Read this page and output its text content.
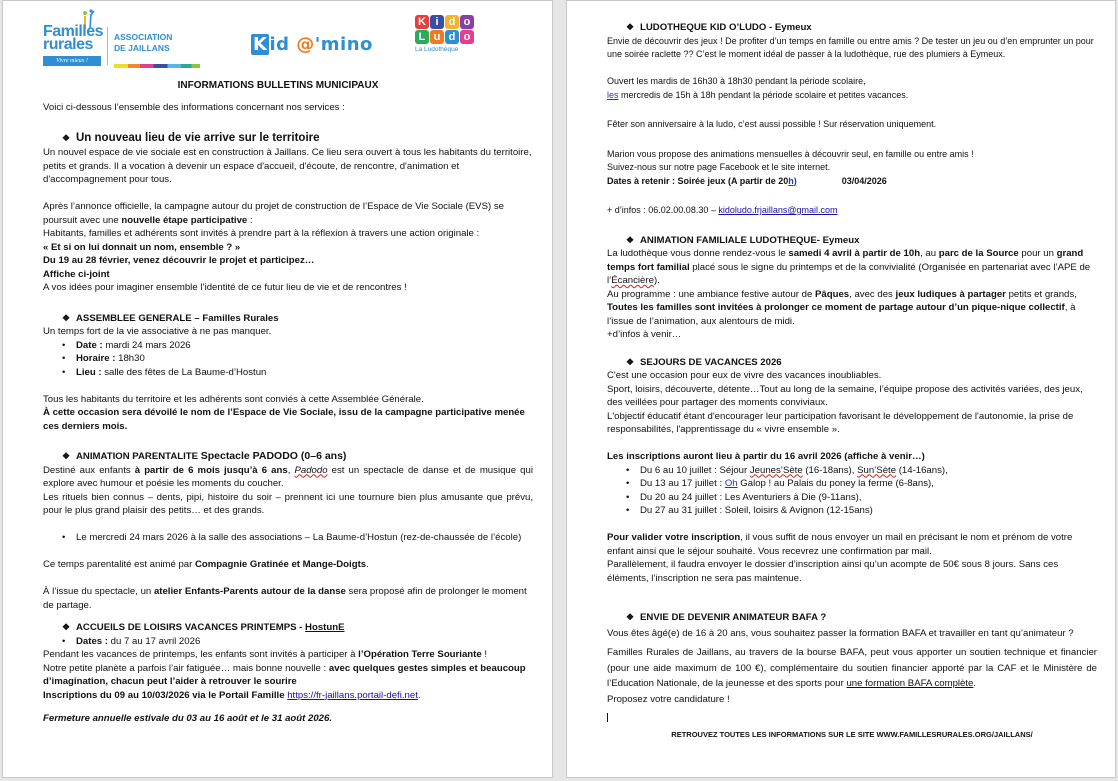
Familles
rurales
Vivre mieux !
ASSOCIATION
DE JAILLANS	K id @'mino
K i d o
L u d o
La Ludothèque
INFORMATIONS BULLETINS MUNICIPAUX

Voici ci-dessous l’ensemble des informations concernant nos services :

❖ Un nouveau lieu de vie arrive sur le territoire

Un nouvel espace de vie sociale est en construction à Jaillans. Ce lieu sera ouvert à tous les habitants du territoire, petits et grands. Il a vocation à devenir un espace d'accueil, d'écoute, de rencontre, d'animation et d'accompagnement pour tous.

Après l’annonce officielle, la campagne autour du projet de construction de l’Espace de Vie Sociale (EVS) se poursuit avec une nouvelle étape participative :

Habitants, familles et adhérents sont invités à prendre part à la réflexion à travers une action originale :

« Et si on lui donnait un nom, ensemble ? »

Du 19 au 28 février, venez découvrir le projet et participez…

Affiche ci-joint

A vos idées pour imaginer ensemble l’identité de ce futur lieu de vie et de rencontres !

❖ ASSEMBLEE GENERALE – Familles Rurales

Un temps fort de la vie associative à ne pas manquer.

• Date : mardi 24 mars 2026
• Horaire : 18h30
• Lieu : salle des fêtes de La Baume-d’Hostun

Tous les habitants du territoire et les adhérents sont conviés à cette Assemblée Générale.

À cette occasion sera dévoilé le nom de l’Espace de Vie Sociale, issu de la campagne participative menée ces derniers mois.

❖ ANIMATION PARENTALITE Spectacle PADODO (0–6 ans)

Destiné aux enfants à partir de 6 mois jusqu’à 6 ans, Padodo est un spectacle de danse et de musique qui explore avec humour et poésie les moments du coucher.

Les rituels bien connus – dents, pipi, histoire du soir – prennent ici une tournure bien plus amusante que prévu, pour le plus grand plaisir des petits… et des grands.

• Le mercredi 24 mars 2026 à la salle des associations – La Baume-d’Hostun (rez-de-chaussée de l’école)

Ce temps parentalité est animé par Compagnie Gratinée et Mange-Doigts.

À l’issue du spectacle, un atelier Enfants-Parents autour de la danse sera proposé afin de prolonger le moment de partage.

❖ ACCUEILS DE LOISIRS VACANCES PRINTEMPS - HostunE
• Dates : du 7 au 17 avril 2026

Pendant les vacances de printemps, les enfants sont invités à participer à l’Opération Terre Souriante !

Notre petite planète a parfois l’air fatiguée… mais bonne nouvelle : avec quelques gestes simples et beaucoup d’imagination, chacun peut l’aider à retrouver le sourire

Inscriptions du 09 au 10/03/2026 via le Portail Famille https://fr-jaillans.portail-defi.net.

Fermeture annuelle estivale du 03 au 16 août et le 31 août 2026.

❖ LUDOTHEQUE KID O’LUDO - Eymeux

Envie de découvrir des jeux ! De profiter d’un temps en famille ou entre amis ? De tester un jeu ou d’en emprunter un pour une soirée raclette ?? C’est le moment idéal de passer à la ludothèque, rue des plumiers à Eymeux.

Ouvert les mardis de 16h30 à 18h30 pendant la période scolaire,

les mercredis de 15h à 18h pendant la période scolaire et petites vacances.

Fêter son anniversaire à la ludo, c’est aussi possible ! Sur réservation uniquement.

Marion vous propose des animations mensuelles à découvrir seul, en famille ou entre amis !

Suivez-nous sur notre page Facebook et le site internet.

Dates à retenir : Soirée jeux (A partir de 20h)	03/04/2026

+ d’infos : 06.02.00.08.30 – kidoludo.frjaillans@gmail.com

❖ ANIMATION FAMILIALE LUDOTHEQUE- Eymeux

La ludothèque vous donne rendez-vous le samedi 4 avril à partir de 10h, au parc de la Source pour un grand temps fort familial placé sous le signe du printemps et de la convivialité (Organisée en partenariat avec l’APE de l’Écancière).

Au programme : une ambiance festive autour de Pâques, avec des jeux ludiques à partager petits et grands,

Toutes les familles sont invitées à prolonger ce moment de partage autour d’un pique-nique collectif, à l’issue de l’animation, aux alentours de midi.

+d’infos à venir…

❖ SEJOURS DE VACANCES 2026

C'est une occasion pour eux de vivre des vacances inoubliables.

Sport, loisirs, découverte, détente…Tout au long de la semaine, l’équipe propose des activités variées, des jeux, des veillées pour partager des moments conviviaux.

L'objectif éducatif étant d'encourager leur participation favorisant le développement de l'autonomie, la prise de responsabilités, l'apprentissage du « vivre ensemble ».

Les inscriptions auront lieu à partir du 16 avril 2026 (affiche à venir…)

• Du 6 au 10 juillet : Séjour Jeunes’Sète (16-18ans), Sun’Sète (14-16ans),
• Du 13 au 17 juillet : Oh Galop ! au Palais du poney la ferme (6-8ans),
• Du 20 au 24 juillet : Les Aventuriers à Die (9-11ans),
• Du 27 au 31 juillet : Soleil, loisirs & Avignon (12-15ans)

Pour valider votre inscription, il vous suffit de nous envoyer un mail en précisant le nom et prénom de votre enfant ainsi que le séjour souhaité. Vous recevrez une confirmation par mail.

Parallèlement, il faudra envoyer le dossier d’inscription ainsi qu’un acompte de 50€ sous 8 jours. Sans ces éléments, l’inscription ne sera pas maintenue.

❖ ENVIE DE DEVENIR ANIMATEUR BAFA ?

Vous êtes âgé(e) de 16 à 20 ans, vous souhaitez passer la formation BAFA et travailler en tant qu’animateur ?

Familles Rurales de Jaillans, au travers de la bourse BAFA, peut vous apporter un soutien technique et financier (pour une aide maximum de 100 €), complémentaire du soutien financier apporté par la CAF et le Ministère de l’Education Nationale, de la jeunesse et des sports pour une formation BAFA complète.

Proposez votre candidature !

RETROUVEZ TOUTES LES INFORMATIONS SUR LE SITE WWW.FAMILLESRURALES.ORG/JAILLANS/
